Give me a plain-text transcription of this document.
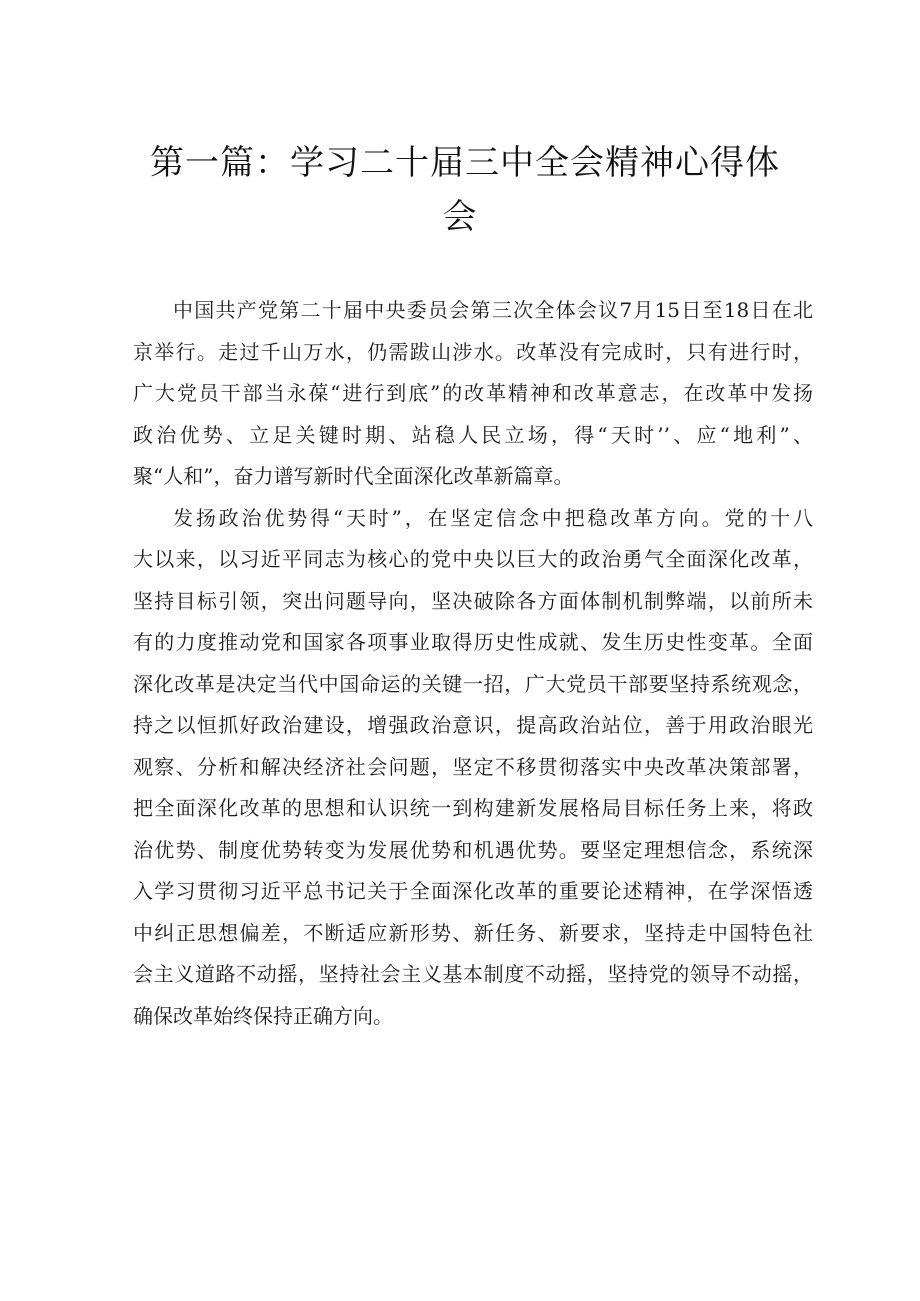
第一篇：学习二十届三中全会精神心得体
会
中国共产党第二十届中央委员会第三次全体会议7月15日至18日在北
京举行。走过千山万水，仍需跋山涉水。改革没有完成时，只有进行时，
广大党员干部当永葆“进行到底”的改革精神和改革意志，在改革中发扬
政治优势、立足关键时期、站稳人民立场，得“天时’’、应“地利”、
聚“人和”，奋力谱写新时代全面深化改革新篇章。
发扬政治优势得“天时”，在坚定信念中把稳改革方向。党的十八
大以来，以习近平同志为核心的党中央以巨大的政治勇气全面深化改革，
坚持目标引领，突出问题导向，坚决破除各方面体制机制弊端，以前所未
有的力度推动党和国家各项事业取得历史性成就、发生历史性变革。全面
深化改革是决定当代中国命运的关键一招，广大党员干部要坚持系统观念，
持之以恒抓好政治建设，增强政治意识，提高政治站位，善于用政治眼光
观察、分析和解决经济社会问题，坚定不移贯彻落实中央改革决策部署，
把全面深化改革的思想和认识统一到构建新发展格局目标任务上来，将政
治优势、制度优势转变为发展优势和机遇优势。要坚定理想信念，系统深
入学习贯彻习近平总书记关于全面深化改革的重要论述精神，在学深悟透
中纠正思想偏差，不断适应新形势、新任务、新要求，坚持走中国特色社
会主义道路不动摇，坚持社会主义基本制度不动摇，坚持党的领导不动摇，
确保改革始终保持正确方向。
